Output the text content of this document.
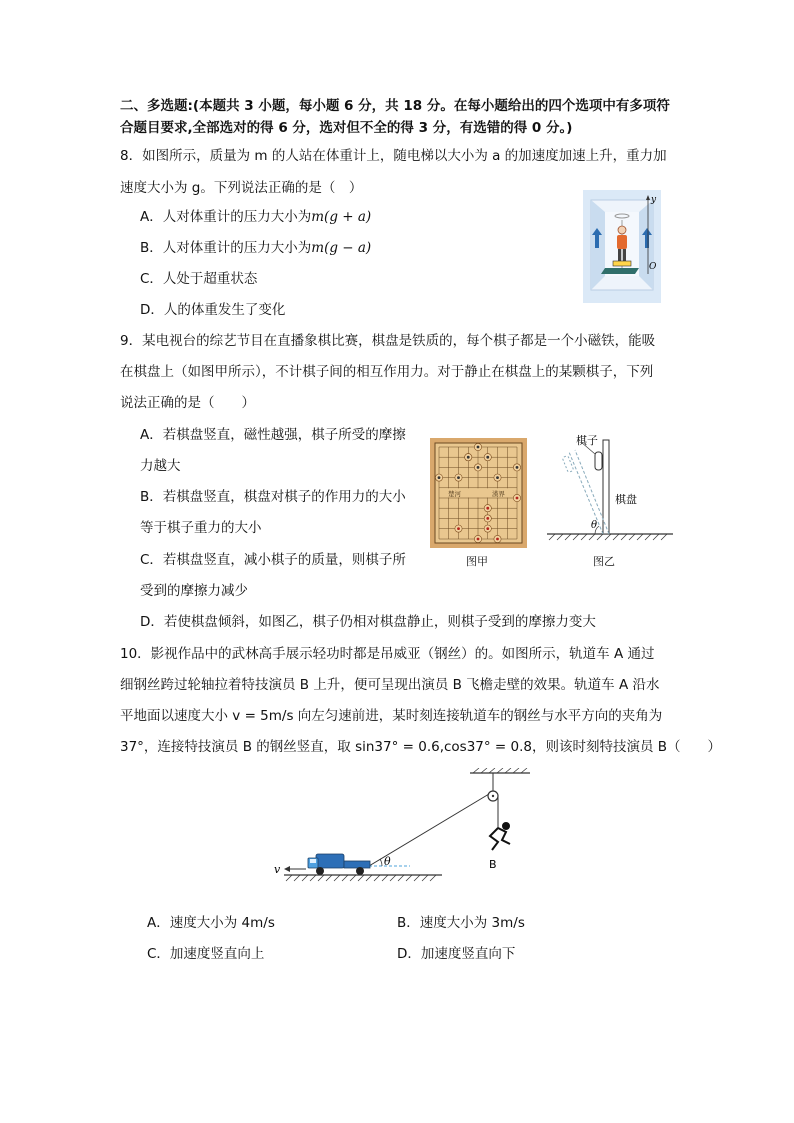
二、多选题:(本题共 3 小题，每小题 6 分，共 18 分。在每小题给出的四个选项中有多项符
合题目要求,全部选对的得 6 分，选对但不全的得 3 分，有选错的得 0 分。)
8．如图所示，质量为 m 的人站在体重计上，随电梯以大小为 a 的加速度加速上升，重力加
速度大小为 g。下列说法正确的是（　）
A．人对体重计的压力大小为m(g + a)
B．人对体重计的压力大小为m(g − a)
C．人处于超重状态
D．人的体重发生了变化
y
O
9．某电视台的综艺节目在直播象棋比赛，棋盘是铁质的，每个棋子都是一个小磁铁，能吸
在棋盘上（如图甲所示），不计棋子间的相互作用力。对于静止在棋盘上的某颗棋子，下列
说法正确的是（　　）
A．若棋盘竖直，磁性越强，棋子所受的摩擦
力越大
B．若棋盘竖直，棋盘对棋子的作用力的大小
等于棋子重力的大小
C．若棋盘竖直，减小棋子的质量，则棋子所
受到的摩擦力减少
D．若使棋盘倾斜，如图乙，棋子仍相对棋盘静止，则棋子受到的摩擦力变大
楚河	漢界
图甲
θ
棋子
棋盘
图乙
10．影视作品中的武林高手展示轻功时都是吊威亚（钢丝）的。如图所示，轨道车 A 通过
细钢丝跨过轮轴拉着特技演员 B 上升，便可呈现出演员 B 飞檐走壁的效果。轨道车 A 沿水
平地面以速度大小 v = 5m/s 向左匀速前进，某时刻连接轨道车的钢丝与水平方向的夹角为
37°，连接特技演员 B 的钢丝竖直，取 sin37° = 0.6,cos37° = 0.8，则该时刻特技演员 B（　　）
θ	B
v
A．速度大小为 4m/s	B．速度大小为 3m/s
C．加速度竖直向上	D．加速度竖直向下
